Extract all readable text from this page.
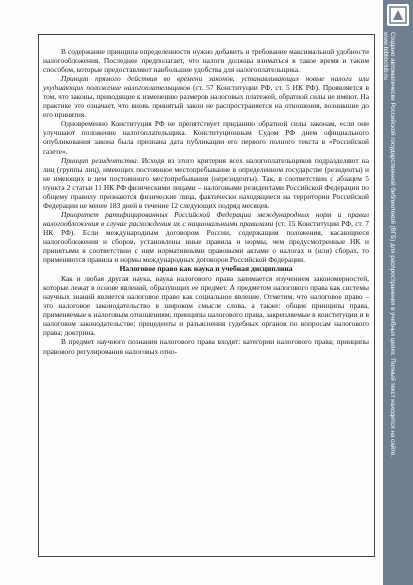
В содержание принципа определенности нужно добавить и требование максимальной удобности налогообложения. Последнее предполагает, что налоги должны взиматься в такое время и таким способом, которые предоставляют наибольшие удобства для налогоплательщика.

Принцип прямого действия во времени законов, устанавливающих новые налоги или ухудшающих положение налогоплательщиков (ст. 57 Конституции РФ, ст. 5 НК РФ). Проявляется в том, что законы, приводящие к изменению размеров налоговых платежей, обратной силы не имеют. На практике это означает, что вновь принятый закон не распространяется на отношения, возникшие до его принятия.

Одновременно Конституция РФ не препятствует приданию обратной силы законам, если они улучшают положение налогоплательщика. Конституционным Судом РФ днем официального опубликования закона была признана дата публикации его первого полного текста в «Российской газете».

Принцип резидентства. Исходя из этого критерия всех налогоплательщиков подразделяют на лиц (группы лиц), имеющих постоянное местопребывание в определенном государстве (резиденты) и не имеющих в нем постоянного местопребывания (нерезиденты). Так, в соответствии с абзацем 5 пункта 2 статьи 11 НК РФ физическими лицами – налоговыми резидентами Российской Федерации по общему правилу признаются физические лица, фактически находящиеся на территории Российской Федерации не менее 183 дней в течение 12 следующих подряд месяцев.

Приоритет ратифицированных Российской Федерации международных норм и правил налогообложения в случае расхождения их с национальными правилами (ст. 15 Конституции РФ, ст. 7 НК РФ). Если международным договором России, содержащим положения, касающиеся налогообложения и сборов, установлены иные правила и нормы, чем предусмотренные НК и принятыми в соответствии с ним нормативными правовыми актами о налогах и (или) сборах, то применяются правила и нормы международных договоров Российской Федерации.

Налоговое право как наука и учебная дисциплина

Как и любая другая наука, наука налогового права занимается изучением закономерностей, которые лежат в основе явлений, образующих ее предмет. А предметом налогового права как системы научных знаний является налоговое право как социальное явление. Отметим, что налоговое право – это налоговое законодательство в широком смысле слова, а также: общие принципы права, применяемые к налоговым отношениям; принципы налогового права, закрепляемые в конституции и в налоговом законодательстве; прецеденты и разъяснения судебных органов по вопросам налогового права; доктрина.

В предмет научного познания налогового права входят: категории налогового права; принципы правового регулирования налоговых отно-	Создано автоматически Российской государственной библиотекой (ВГБ) для распространения в учебных целях. Полный текст находится на сайте.
www.biblioclub.ru
